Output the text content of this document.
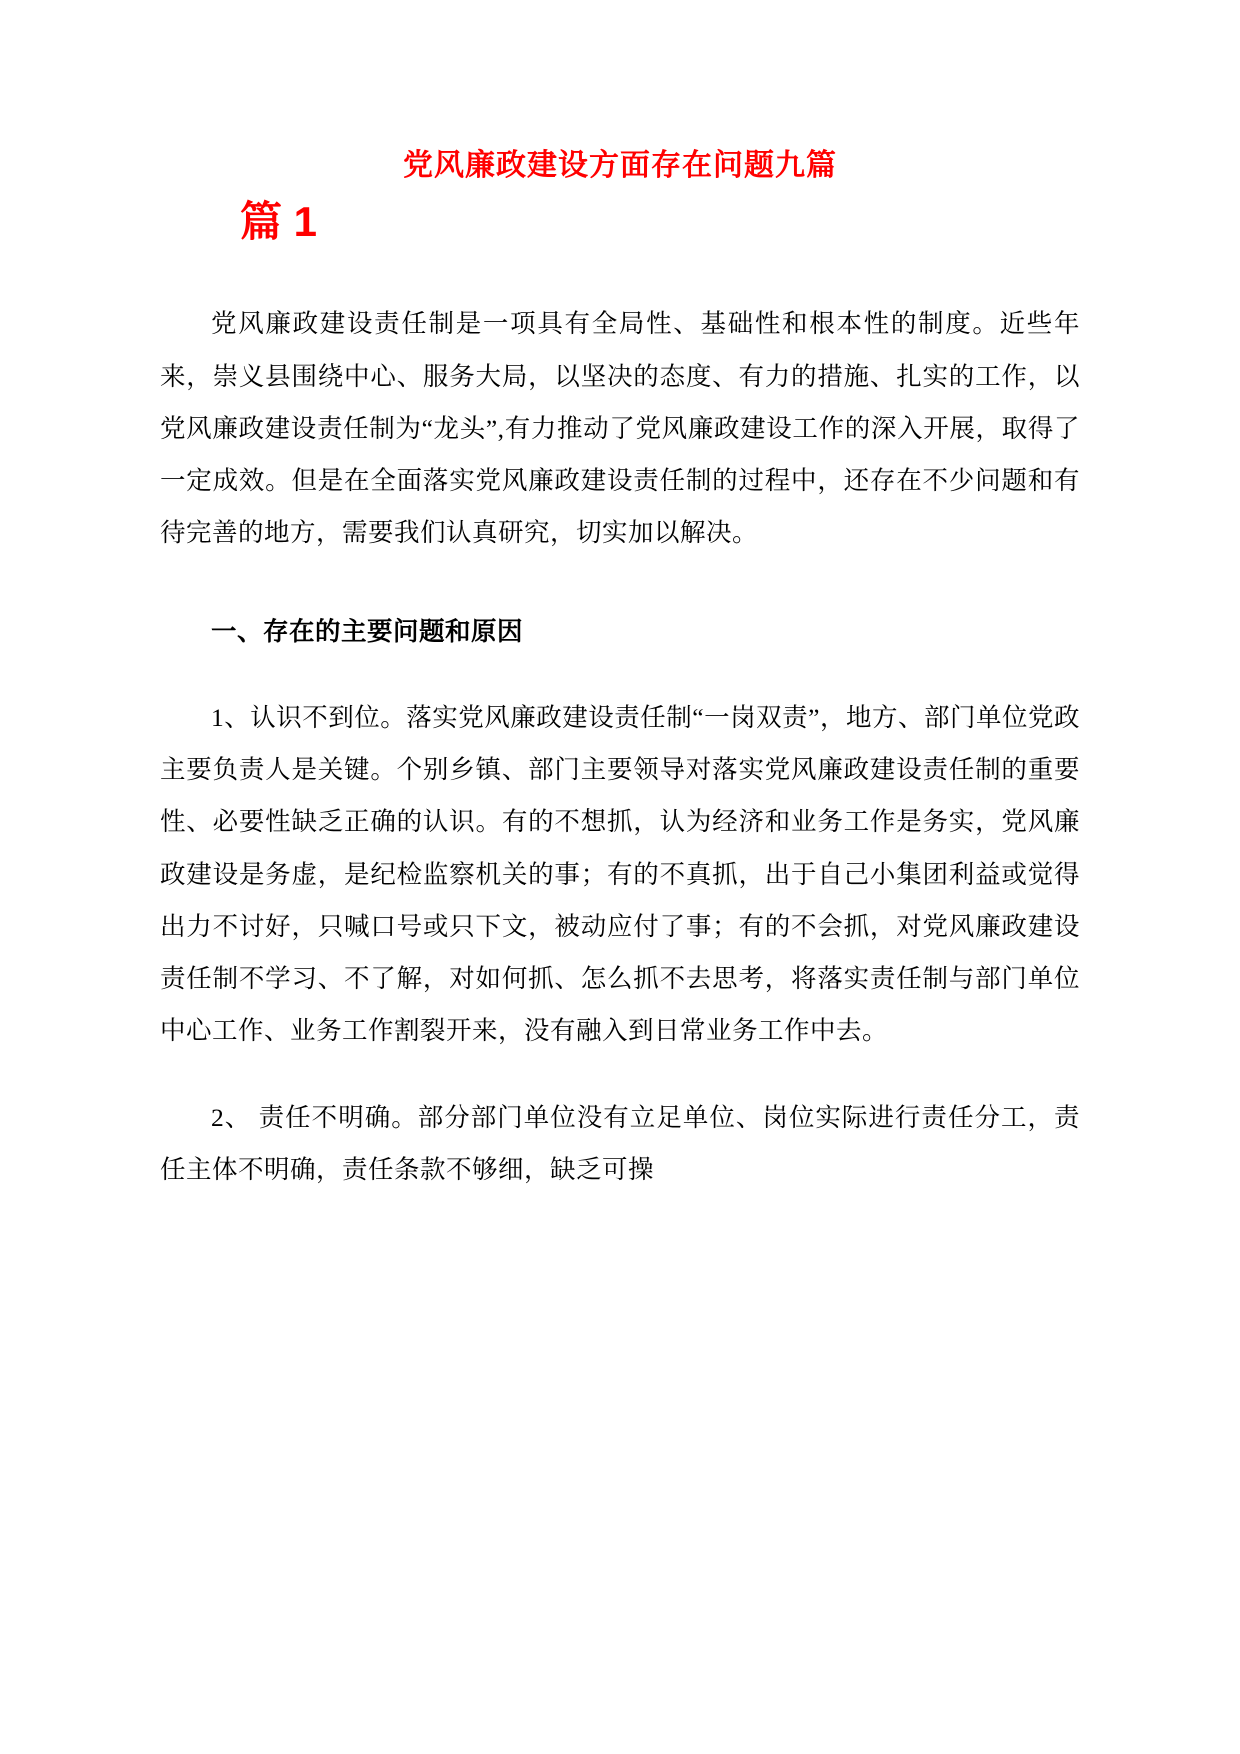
党风廉政建设方面存在问题九篇
篇 1

党风廉政建设责任制是一项具有全局性、基础性和根本性的制度。近些年来，崇义县围绕中心、服务大局，以坚决的态度、有力的措施、扎实的工作，以党风廉政建设责任制为“龙头”,有力推动了党风廉政建设工作的深入开展，取得了一定成效。但是在全面落实党风廉政建设责任制的过程中，还存在不少问题和有待完善的地方，需要我们认真研究，切实加以解决。

一、存在的主要问题和原因

1、认识不到位。落实党风廉政建设责任制“一岗双责”，地方、部门单位党政主要负责人是关键。个别乡镇、部门主要领导对落实党风廉政建设责任制的重要性、必要性缺乏正确的认识。有的不想抓，认为经济和业务工作是务实，党风廉政建设是务虚，是纪检监察机关的事；有的不真抓，出于自己小集团利益或觉得出力不讨好，只喊口号或只下文，被动应付了事；有的不会抓，对党风廉政建设责任制不学习、不了解，对如何抓、怎么抓不去思考，将落实责任制与部门单位中心工作、业务工作割裂开来，没有融入到日常业务工作中去。

2、 责任不明确。部分部门单位没有立足单位、岗位实际进行责任分工，责任主体不明确，责任条款不够细，缺乏可操
